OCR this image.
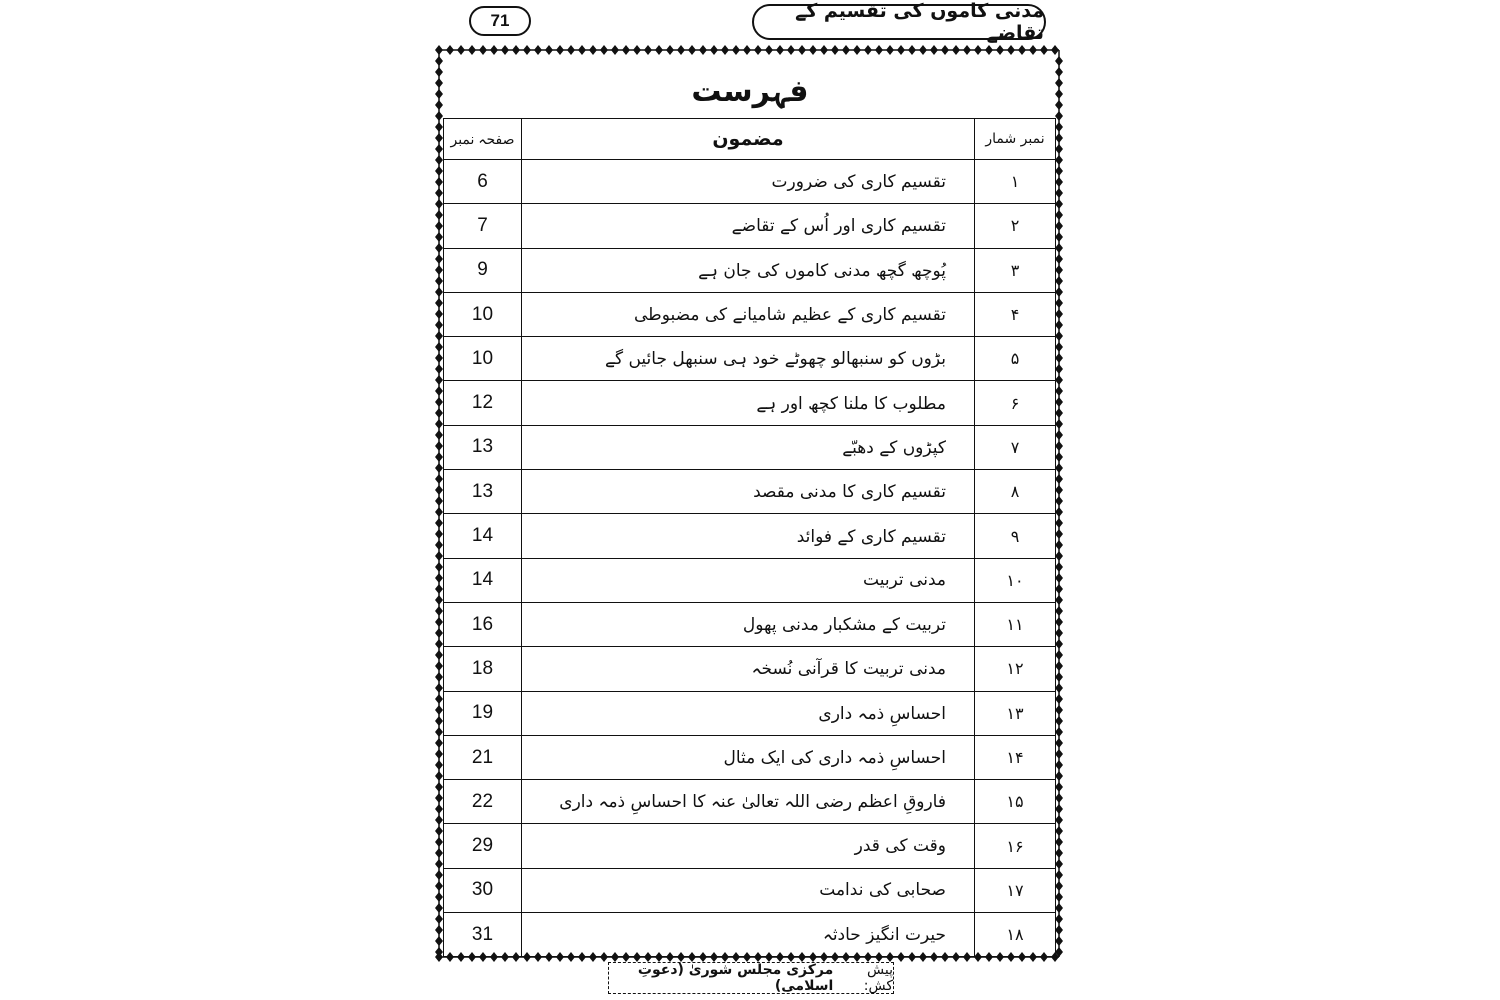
71	مدنی کاموں کی تقسیم کے تقاضے
فہرست
صفحہ نمبر	مضمون	نمبر شمار
6	تقسیم کاری کی ضرورت	۱
7	تقسیم کاری اور اُس کے تقاضے	۲
9	پُوچھ گچھ مدنی کاموں کی جان ہے	۳
10	تقسیم کاری کے عظیم شامیانے کی مضبوطی	۴
10	بڑوں کو سنبھالو چھوٹے خود ہی سنبھل جائیں گے	۵
12	مطلوب کا ملنا کچھ اور ہے	۶
13	کپڑوں کے دھبّے	۷
13	تقسیم کاری کا مدنی مقصد	۸
14	تقسیم کاری کے فوائد	۹
14	مدنی تربیت	۱۰
16	تربیت کے مشکبار مدنی پھول	۱۱
18	مدنی تربیت کا قرآنی نُسخہ	۱۲
19	احساسِ ذمہ داری	۱۳
21	احساسِ ذمہ داری کی ایک مثال	۱۴
22	فاروقِ اعظم رضی اللہ تعالیٰ عنہ کا احساسِ ذمہ داری	۱۵
29	وقت کی قدر	۱۶
30	صحابی کی ندامت	۱۷
31	حیرت انگیز حادثہ	۱۸
پیش کش:
مرکزی مجلس شوریٰ (دعوتِ اسلامی)
